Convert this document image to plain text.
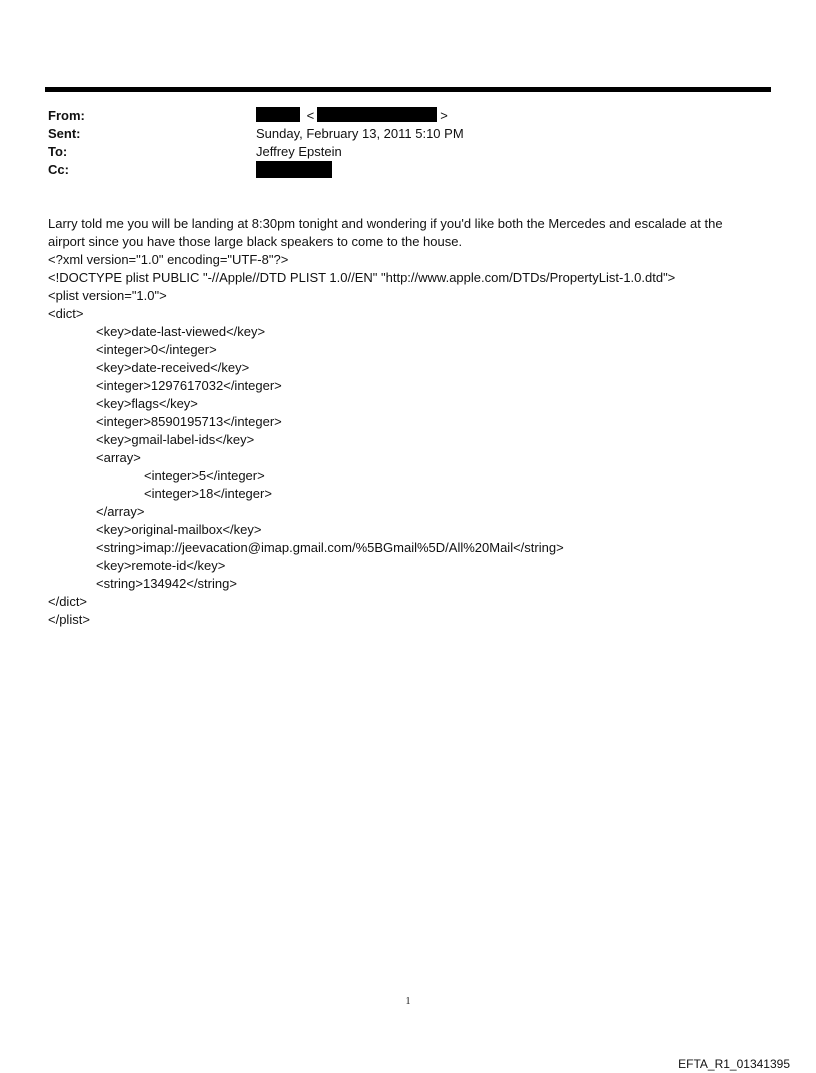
From:	<	>
Sent:	Sunday, February 13, 2011 5:10 PM
To:	Jeffrey Epstein
Cc:
Larry told me you will be landing at 8:30pm tonight and wondering if you'd like both the Mercedes and escalade at the
airport since you have those large black speakers to come to the house.
<?xml version="1.0" encoding="UTF-8"?>
<!DOCTYPE plist PUBLIC "-//Apple//DTD PLIST 1.0//EN" "http://www.apple.com/DTDs/PropertyList-1.0.dtd">
<plist version="1.0">
<dict>
<key>date-last-viewed</key>
<integer>0</integer>
<key>date-received</key>
<integer>1297617032</integer>
<key>flags</key>
<integer>8590195713</integer>
<key>gmail-label-ids</key>
<array>
<integer>5</integer>
<integer>18</integer>
</array>
<key>original-mailbox</key>
<string>imap://jeevacation@imap.gmail.com/%5BGmail%5D/All%20Mail</string>
<key>remote-id</key>
<string>134942</string>
</dict>
</plist>
1
EFTA_R1_01341395
